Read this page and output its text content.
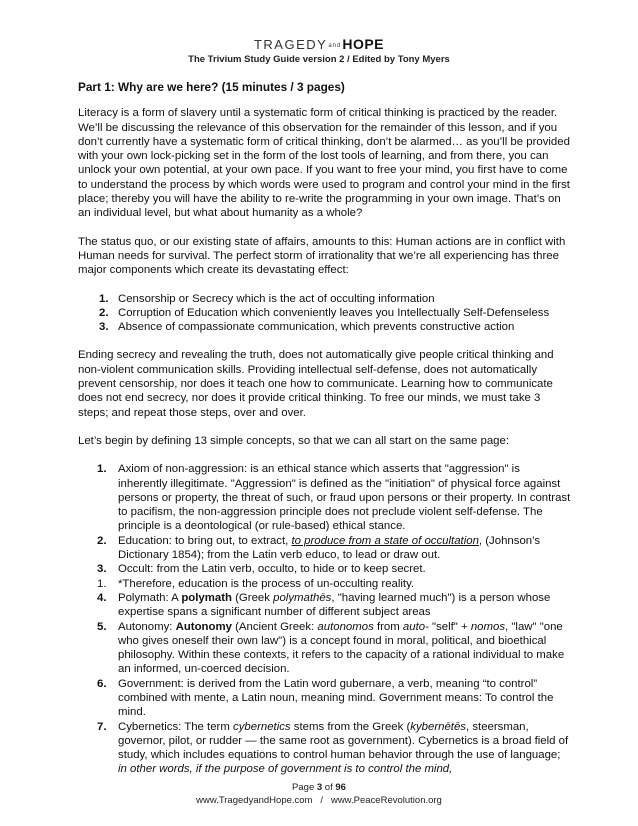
TRAGEDYandHOPE
The Trivium Study Guide version 2 / Edited by Tony Myers
Part 1: Why are we here? (15 minutes / 3 pages)

Literacy is a form of slavery until a systematic form of critical thinking is practiced by the reader. We’ll be discussing the relevance of this observation for the remainder of this lesson, and if you don’t currently have a systematic form of critical thinking, don’t be alarmed… as you’ll be provided with your own lock-picking set in the form of the lost tools of learning, and from there, you can unlock your own potential, at your own pace. If you want to free your mind, you first have to come to understand the process by which words were used to program and control your mind in the first place; thereby you will have the ability to re-write the programming in your own image. That’s on an individual level, but what about humanity as a whole?

The status quo, or our existing state of affairs, amounts to this: Human actions are in conflict with Human needs for survival. The perfect storm of irrationality that we’re all experiencing has three major components which create its devastating effect:

1. Censorship or Secrecy which is the act of occulting information
2. Corruption of Education which conveniently leaves you Intellectually Self-Defenseless
3. Absence of compassionate communication, which prevents constructive action

Ending secrecy and revealing the truth, does not automatically give people critical thinking and non-violent communication skills. Providing intellectual self-defense, does not automatically prevent censorship, nor does it teach one how to communicate. Learning how to communicate does not end secrecy, nor does it provide critical thinking. To free our minds, we must take 3 steps; and repeat those steps, over and over.

Let’s begin by defining 13 simple concepts, so that we can all start on the same page:

1. Axiom of non-aggression: is an ethical stance which asserts that "aggression" is inherently illegitimate. "Aggression" is defined as the "initiation" of physical force against persons or property, the threat of such, or fraud upon persons or their property. In contrast to pacifism, the non-aggression principle does not preclude violent self-defense. The principle is a deontological (or rule-based) ethical stance.
2. Education: to bring out, to extract, to produce from a state of occultation, (Johnson’s Dictionary 1854); from the Latin verb educo, to lead or draw out.
3. Occult: from the Latin verb, occulto, to hide or to keep secret.
1. *Therefore, education is the process of un-occulting reality.
4. Polymath: A polymath (Greek polymathēs, "having learned much") is a person whose expertise spans a significant number of different subject areas
5. Autonomy: Autonomy (Ancient Greek: autonomos from auto- "self" + nomos, "law" "one who gives oneself their own law") is a concept found in moral, political, and bioethical philosophy. Within these contexts, it refers to the capacity of a rational individual to make an informed, un-coerced decision.
6. Government: is derived from the Latin word gubernare, a verb, meaning “to control” combined with mente, a Latin noun, meaning mind. Government means: To control the mind.
7. Cybernetics: The term cybernetics stems from the Greek (kybernētēs, steersman, governor, pilot, or rudder — the same root as government). Cybernetics is a broad field of study, which includes equations to control human behavior through the use of language; in other words, if the purpose of government is to control the mind,
Page 3 of 96
www.TragedyandHope.com   /   www.PeaceRevolution.org
